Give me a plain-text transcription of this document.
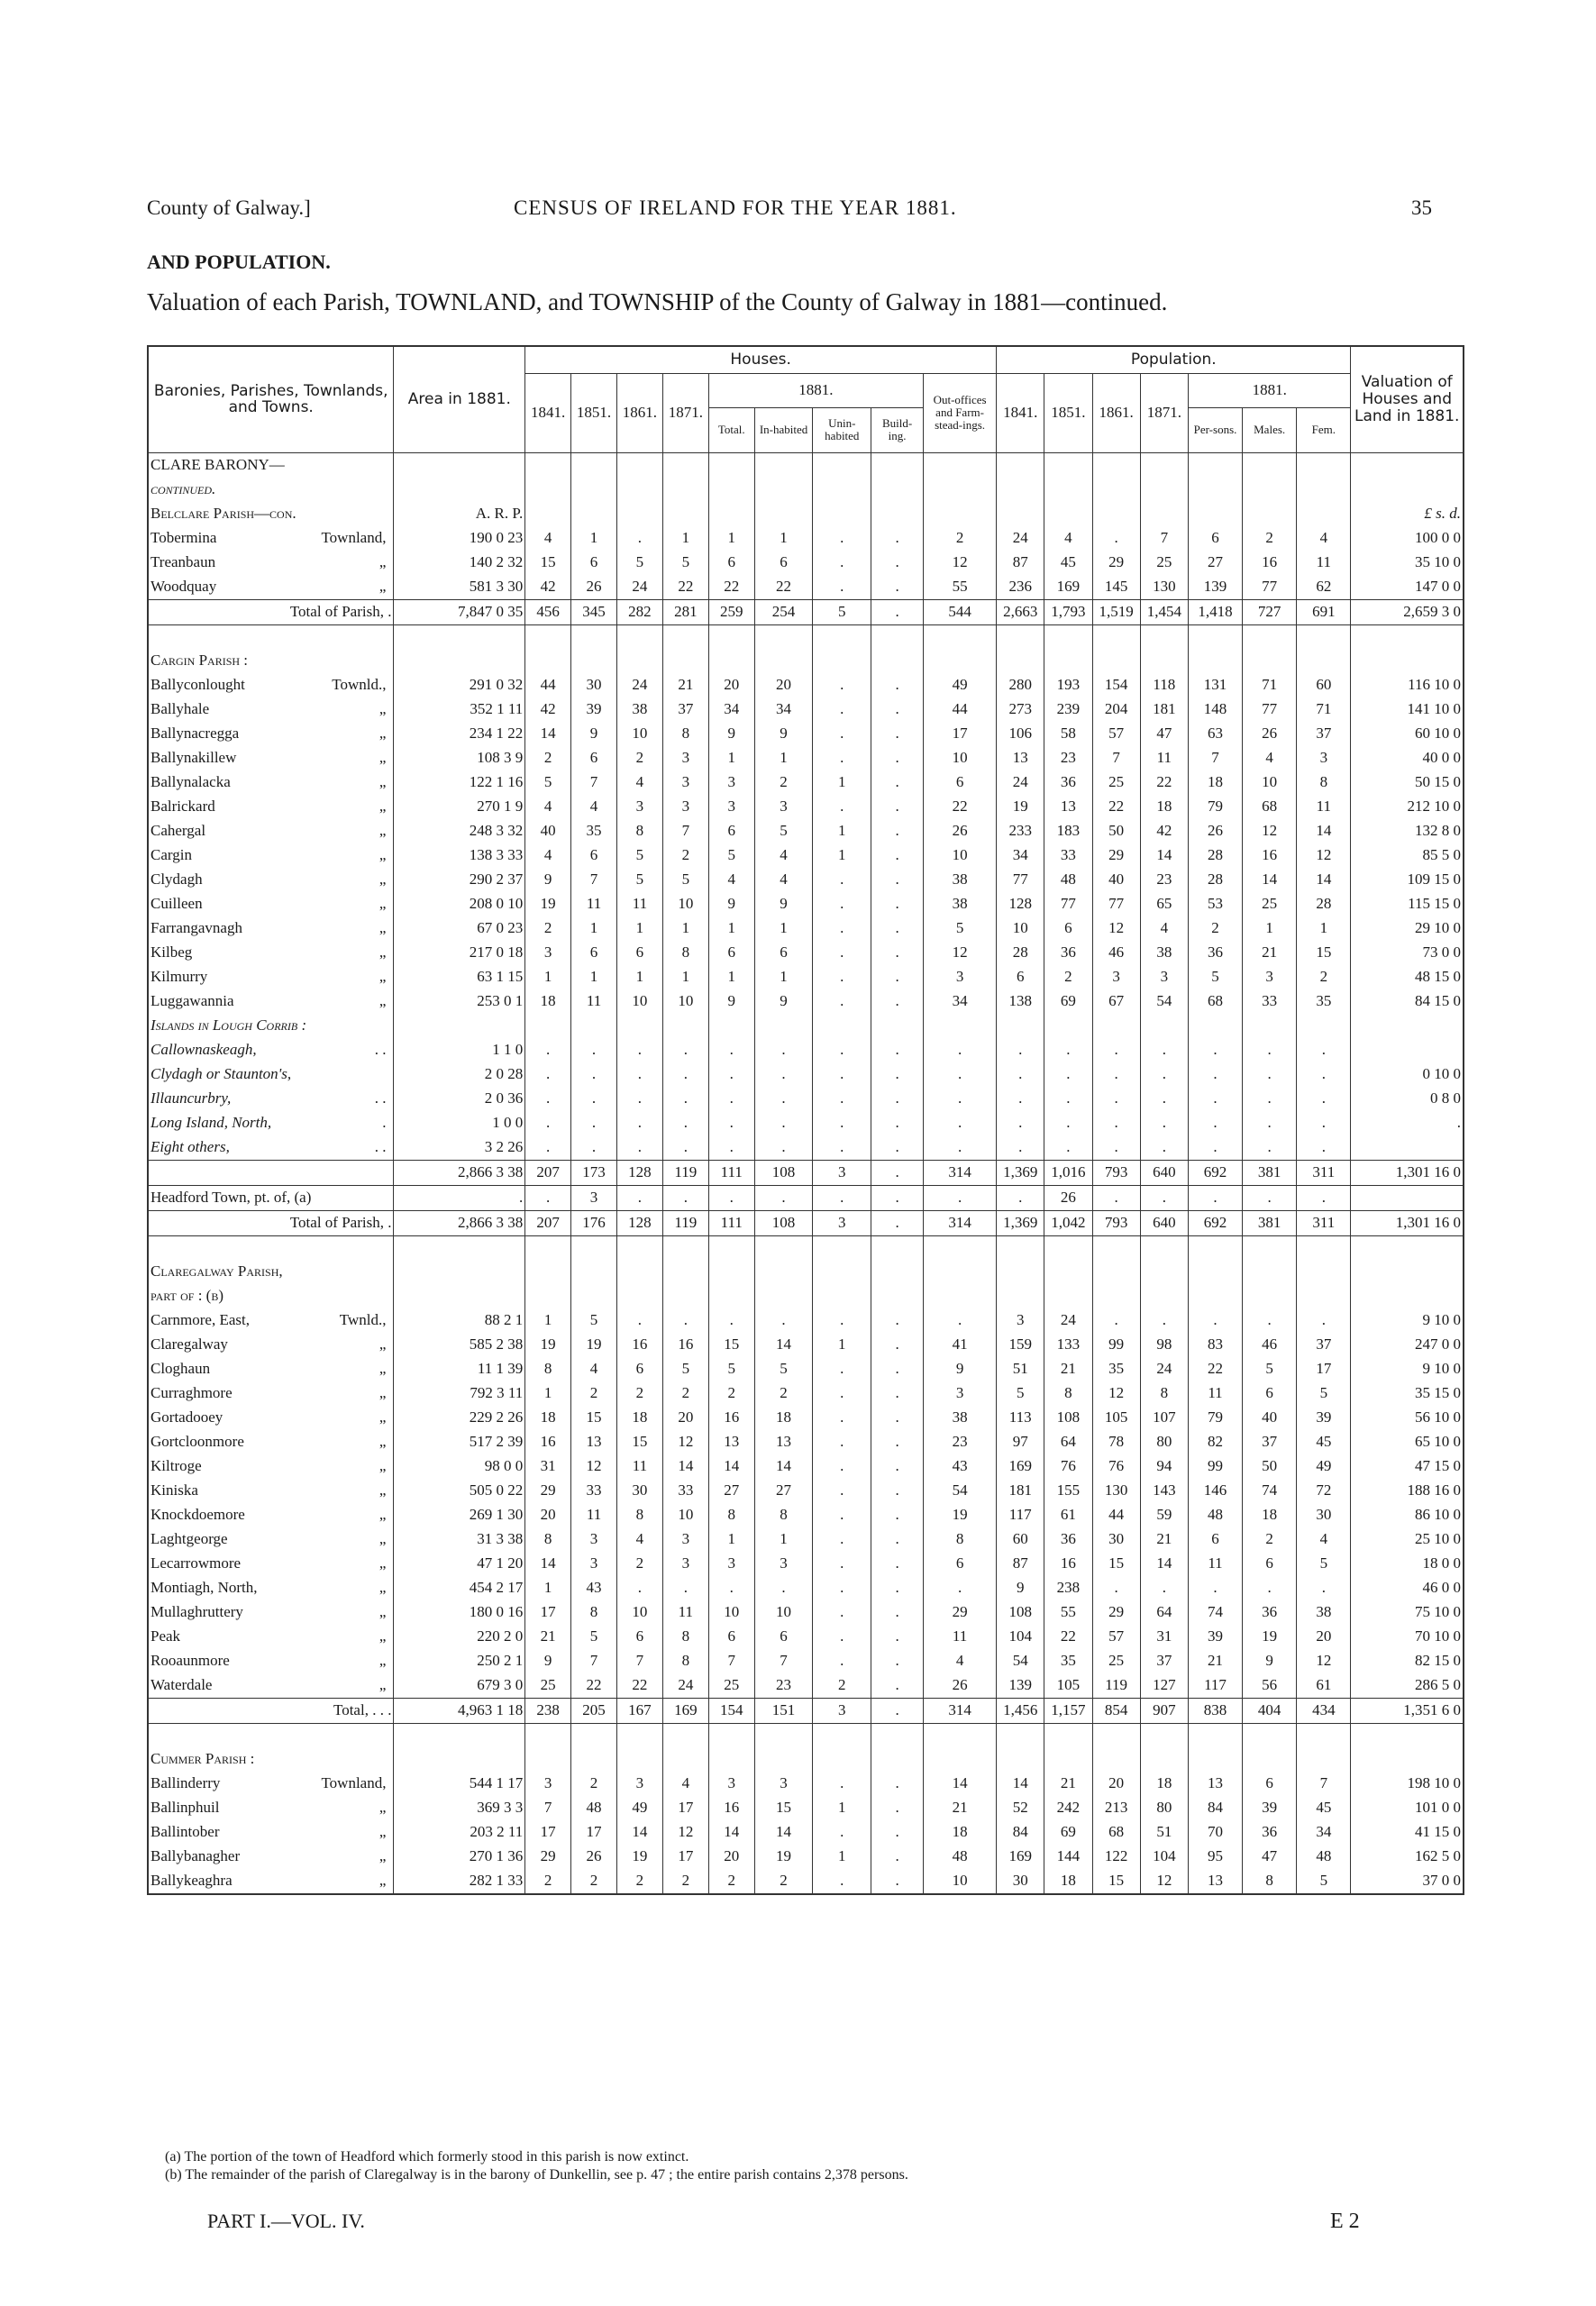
County of Galway.]	CENSUS OF IRELAND FOR THE YEAR 1881.	35
AND POPULATION.
Valuation of each Parish, TOWNLAND, and TOWNSHIP of the County of Galway in 1881—continued.
Baronies, Parishes, Townlands, and Towns.	Area in 1881.	Houses.									Population.							Valuation of Houses and Land in 1881.
		1841.	1851.	1861.	1871.	1881.				Out-offices and Farm-stead-ings.	1841.	1851.	1861.	1871.	1881.			
						Total.	In-habited	Unin-habited	Build-ing.						Per-sons.	Males.	Fem.	
CLARE BARONY—																		
continued.																		
Belclare Parish—con.	A. R. P.																	£ s. d.
Tobermina Townland,	190 0 23	4	1	.	1	1	1	.	.	2	24	4	.	7	6	2	4	100 0 0
Treanbaun „	140 2 32	15	6	5	5	6	6	.	.	12	87	45	29	25	27	16	11	35 10 0
Woodquay „	581 3 30	42	26	24	22	22	22	.	.	55	236	169	145	130	139	77	62	147 0 0
Total of Parish, .	7,847 0 35	456	345	282	281	259	254	5	.	544	2,663	1,793	1,519	1,454	1,418	727	691	2,659 3 0

Cargin Parish :																		
Ballyconlought Townld.,	291 0 32	44	30	24	21	20	20	.	.	49	280	193	154	118	131	71	60	116 10 0
Ballyhale „	352 1 11	42	39	38	37	34	34	.	.	44	273	239	204	181	148	77	71	141 10 0
Ballynacregga „	234 1 22	14	9	10	8	9	9	.	.	17	106	58	57	47	63	26	37	60 10 0
Ballynakillew „	108 3 9	2	6	2	3	1	1	.	.	10	13	23	7	11	7	4	3	40 0 0
Ballynalacka „	122 1 16	5	7	4	3	3	2	1	.	6	24	36	25	22	18	10	8	50 15 0
Balrickard „	270 1 9	4	4	3	3	3	3	.	.	22	19	13	22	18	79	68	11	212 10 0
Cahergal „	248 3 32	40	35	8	7	6	5	1	.	26	233	183	50	42	26	12	14	132 8 0
Cargin „	138 3 33	4	6	5	2	5	4	1	.	10	34	33	29	14	28	16	12	85 5 0
Clydagh „	290 2 37	9	7	5	5	4	4	.	.	38	77	48	40	23	28	14	14	109 15 0
Cuilleen „	208 0 10	19	11	11	10	9	9	.	.	38	128	77	77	65	53	25	28	115 15 0
Farrangavnagh „	67 0 23	2	1	1	1	1	1	.	.	5	10	6	12	4	2	1	1	29 10 0
Kilbeg „	217 0 18	3	6	6	8	6	6	.	.	12	28	36	46	38	36	21	15	73 0 0
Kilmurry „	63 1 15	1	1	1	1	1	1	.	.	3	6	2	3	3	5	3	2	48 15 0
Luggawannia „	253 0 1	18	11	10	10	9	9	.	.	34	138	69	67	54	68	33	35	84 15 0
Islands in Lough Corrib :																		
Callownaskeagh, . .	1 1 0	.	.	.	.	.	.	.	.	.	.	.	.	.	.	.	.	
Clydagh or Staunton's,	2 0 28	.	.	.	.	.	.	.	.	.	.	.	.	.	.	.	.	0 10 0
Illauncurbry, . .	2 0 36	.	.	.	.	.	.	.	.	.	.	.	.	.	.	.	.	0 8 0
Long Island, North, .	1 0 0	.	.	.	.	.	.	.	.	.	.	.	.	.	.	.	.	.
Eight others, . .	3 2 26	.	.	.	.	.	.	.	.	.	.	.	.	.	.	.	.	
	2,866 3 38	207	173	128	119	111	108	3	.	314	1,369	1,016	793	640	692	381	311	1,301 16 0
Headford Town, pt. of, (a)	.	.	3	.	.	.	.	.	.	.	.	26	.	.	.	.	.	
Total of Parish, .	2,866 3 38	207	176	128	119	111	108	3	.	314	1,369	1,042	793	640	692	381	311	1,301 16 0

Claregalway Parish,																		
part of : (b)																		
Carnmore, East, Twnld.,	88 2 1	1	5	.	.	.	.	.	.	.	3	24	.	.	.	.	.	9 10 0
Claregalway „	585 2 38	19	19	16	16	15	14	1	.	41	159	133	99	98	83	46	37	247 0 0
Cloghaun „	11 1 39	8	4	6	5	5	5	.	.	9	51	21	35	24	22	5	17	9 10 0
Curraghmore „	792 3 11	1	2	2	2	2	2	.	.	3	5	8	12	8	11	6	5	35 15 0
Gortadooey „	229 2 26	18	15	18	20	16	18	.	.	38	113	108	105	107	79	40	39	56 10 0
Gortcloonmore „	517 2 39	16	13	15	12	13	13	.	.	23	97	64	78	80	82	37	45	65 10 0
Kiltroge „	98 0 0	31	12	11	14	14	14	.	.	43	169	76	76	94	99	50	49	47 15 0
Kiniska „	505 0 22	29	33	30	33	27	27	.	.	54	181	155	130	143	146	74	72	188 16 0
Knockdoemore „	269 1 30	20	11	8	10	8	8	.	.	19	117	61	44	59	48	18	30	86 10 0
Laghtgeorge „	31 3 38	8	3	4	3	1	1	.	.	8	60	36	30	21	6	2	4	25 10 0
Lecarrowmore „	47 1 20	14	3	2	3	3	3	.	.	6	87	16	15	14	11	6	5	18 0 0
Montiagh, North, „	454 2 17	1	43	.	.	.	.	.	.	.	9	238	.	.	.	.	.	46 0 0
Mullaghruttery „	180 0 16	17	8	10	11	10	10	.	.	29	108	55	29	64	74	36	38	75 10 0
Peak „	220 2 0	21	5	6	8	6	6	.	.	11	104	22	57	31	39	19	20	70 10 0
Rooaunmore „	250 2 1	9	7	7	8	7	7	.	.	4	54	35	25	37	21	9	12	82 15 0
Waterdale „	679 3 0	25	22	22	24	25	23	2	.	26	139	105	119	127	117	56	61	286 5 0
Total, . . .	4,963 1 18	238	205	167	169	154	151	3	.	314	1,456	1,157	854	907	838	404	434	1,351 6 0

Cummer Parish :																		
Ballinderry Townland,	544 1 17	3	2	3	4	3	3	.	.	14	14	21	20	18	13	6	7	198 10 0
Ballinphuil „	369 3 3	7	48	49	17	16	15	1	.	21	52	242	213	80	84	39	45	101 0 0
Ballintober „	203 2 11	17	17	14	12	14	14	.	.	18	84	69	68	51	70	36	34	41 15 0
Ballybanagher „	270 1 36	29	26	19	17	20	19	1	.	48	169	144	122	104	95	47	48	162 5 0
Ballykeaghra „	282 1 33	2	2	2	2	2	2	.	.	10	30	18	15	12	13	8	5	37 0 0
(a) The portion of the town of Headford which formerly stood in this parish is now extinct.
(b) The remainder of the parish of Claregalway is in the barony of Dunkellin, see p. 47 ; the entire parish contains 2,378 persons.
PART I.—VOL. IV.	E 2
